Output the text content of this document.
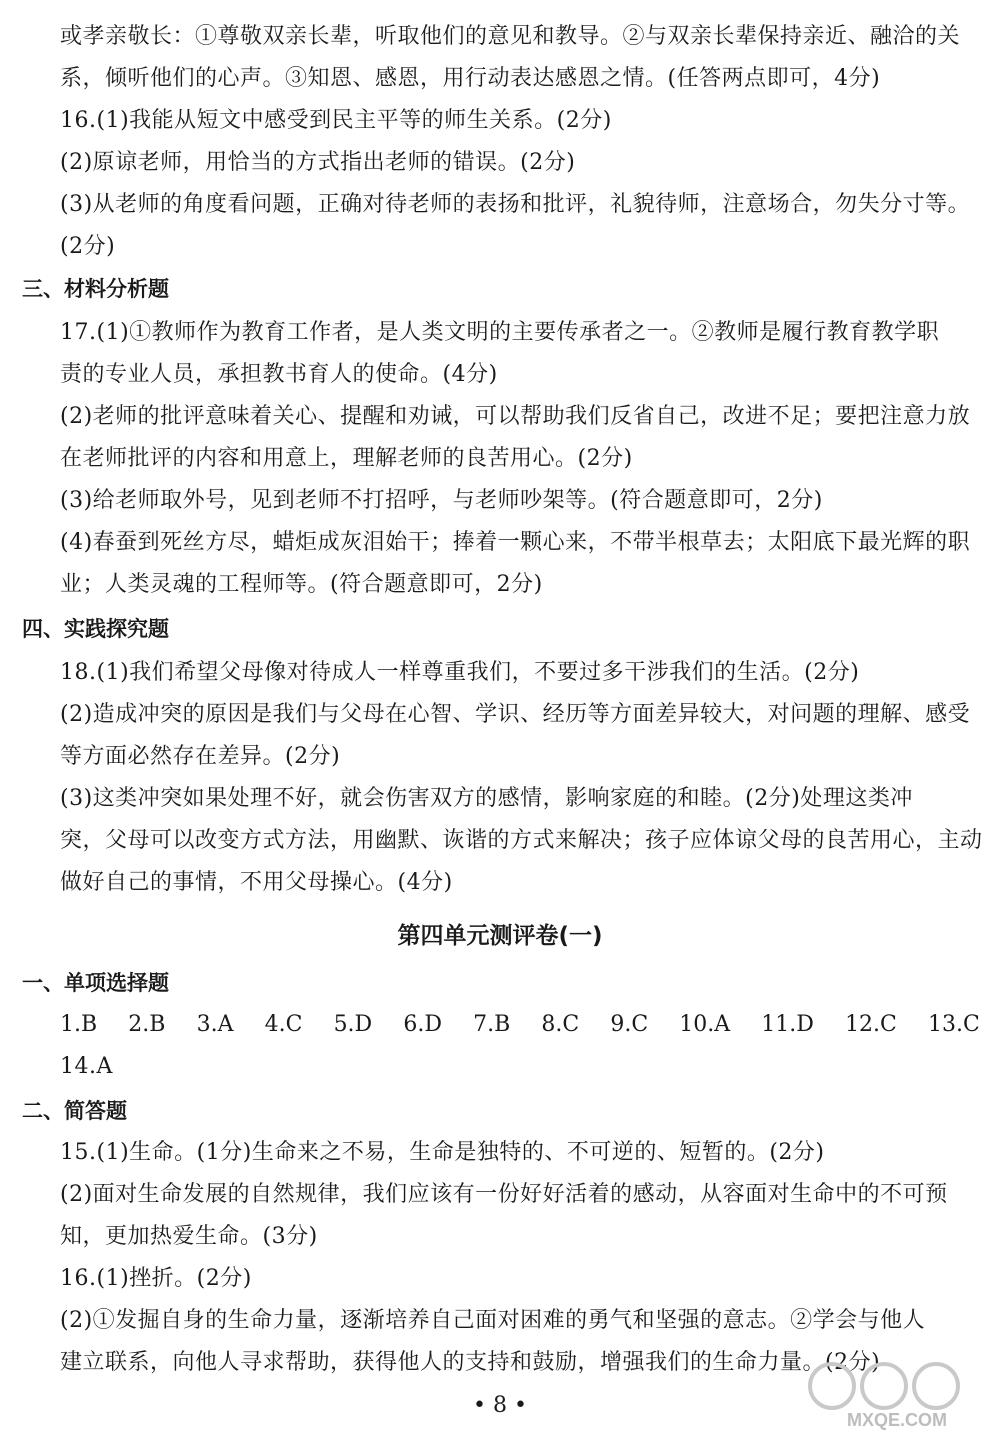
或孝亲敬长：①尊敬双亲长辈，听取他们的意见和教导。②与双亲长辈保持亲近、融洽的关
系，倾听他们的心声。③知恩、感恩，用行动表达感恩之情。(任答两点即可，4分)
16.(1)我能从短文中感受到民主平等的师生关系。(2分)
(2)原谅老师，用恰当的方式指出老师的错误。(2分)
(3)从老师的角度看问题，正确对待老师的表扬和批评，礼貌待师，注意场合，勿失分寸等。
(2分)
三、材料分析题
17.(1)①教师作为教育工作者，是人类文明的主要传承者之一。②教师是履行教育教学职
责的专业人员，承担教书育人的使命。(4分)
(2)老师的批评意味着关心、提醒和劝诫，可以帮助我们反省自己，改进不足；要把注意力放
在老师批评的内容和用意上，理解老师的良苦用心。(2分)
(3)给老师取外号，见到老师不打招呼，与老师吵架等。(符合题意即可，2分)
(4)春蚕到死丝方尽，蜡炬成灰泪始干；捧着一颗心来，不带半根草去；太阳底下最光辉的职
业；人类灵魂的工程师等。(符合题意即可，2分)
四、实践探究题
18.(1)我们希望父母像对待成人一样尊重我们，不要过多干涉我们的生活。(2分)
(2)造成冲突的原因是我们与父母在心智、学识、经历等方面差异较大，对问题的理解、感受
等方面必然存在差异。(2分)
(3)这类冲突如果处理不好，就会伤害双方的感情，影响家庭的和睦。(2分)处理这类冲
突，父母可以改变方式方法，用幽默、诙谐的方式来解决；孩子应体谅父母的良苦用心，主动
做好自己的事情，不用父母操心。(4分)
第四单元测评卷(一)
一、单项选择题
1.B 2.B 3.A 4.C 5.D 6.D 7.B 8.C 9.C 10.A 11.D 12.C 13.C
14.A
二、简答题
15.(1)生命。(1分)生命来之不易，生命是独特的、不可逆的、短暂的。(2分)
(2)面对生命发展的自然规律，我们应该有一份好好活着的感动，从容面对生命中的不可预
知，更加热爱生命。(3分)
16.(1)挫折。(2分)
(2)①发掘自身的生命力量，逐渐培养自己面对困难的勇气和坚强的意志。②学会与他人
建立联系，向他人寻求帮助，获得他人的支持和鼓励，增强我们的生命力量。(2分)
• 8 •
MXQE.COM
